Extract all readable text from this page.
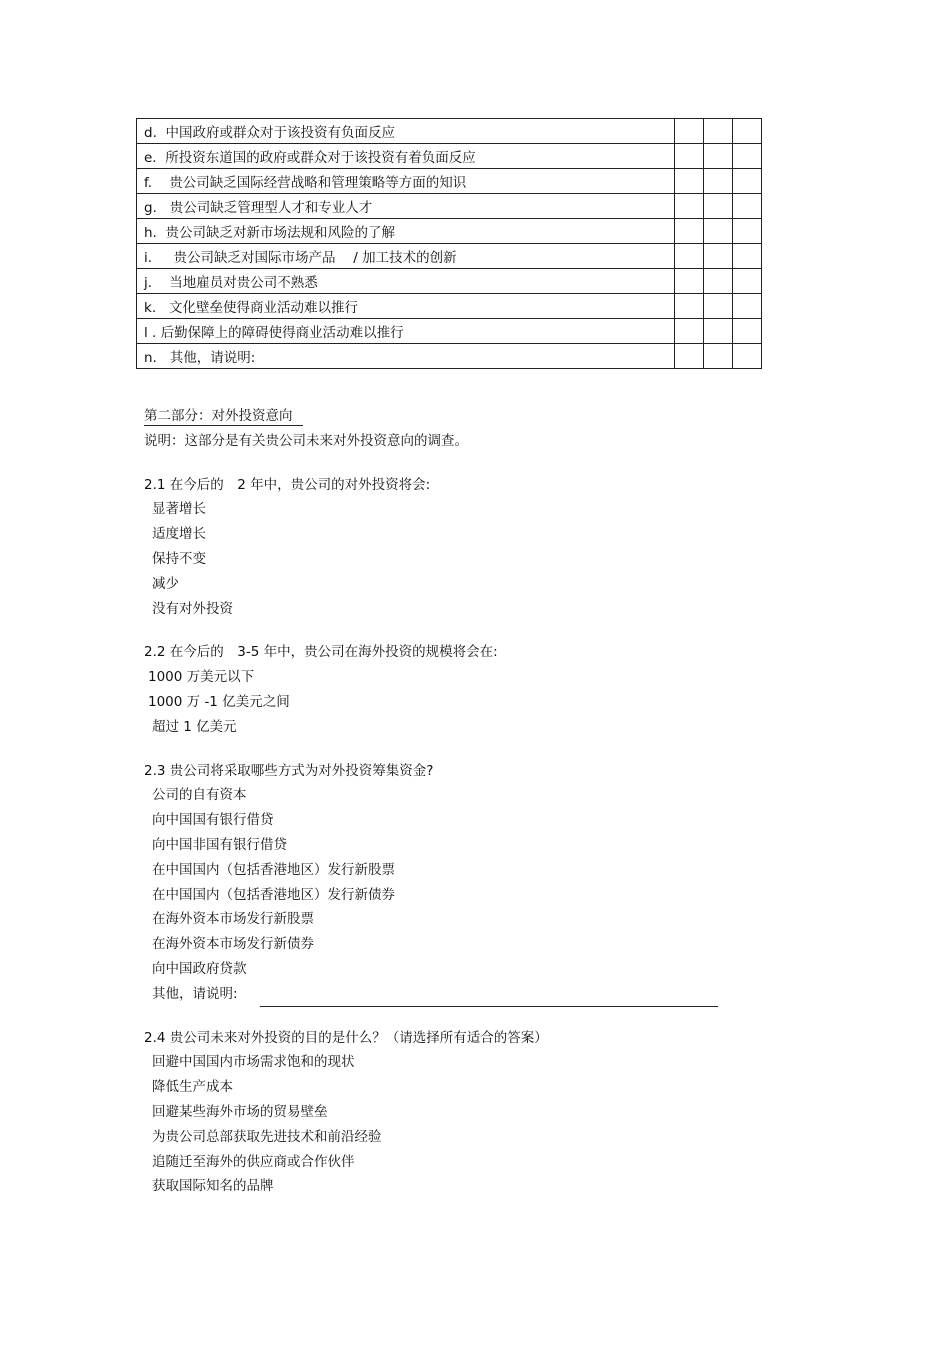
d. 中国政府或群众对于该投资有负面反应			
e. 所投资东道国的政府或群众对于该投资有着负面反应			
f. 贵公司缺乏国际经营战略和管理策略等方面的知识			
g. 贵公司缺乏管理型人才和专业人才			
h. 贵公司缺乏对新市场法规和风险的了解			
i. 贵公司缺乏对国际市场产品　 / 加工技术的创新			
j. 当地雇员对贵公司不熟悉			
k. 文化壁垒使得商业活动难以推行			
l . 后勤保障上的障碍使得商业活动难以推行			
n. 其他，请说明:			
第二部分：对外投资意向
说明：这部分是有关贵公司未来对外投资意向的调查。
2.1 在今后的　2 年中，贵公司的对外投资将会:
显著增长
适度增长
保持不变
减少
没有对外投资
2.2 在今后的　3-5 年中，贵公司在海外投资的规模将会在:
1000 万美元以下
1000 万 -1 亿美元之间
超过 1 亿美元
2.3 贵公司将采取哪些方式为对外投资筹集资金?
公司的自有资本
向中国国有银行借贷
向中国非国有银行借贷
在中国国内（包括香港地区）发行新股票
在中国国内（包括香港地区）发行新债券
在海外资本市场发行新股票
在海外资本市场发行新债券
向中国政府贷款
其他，请说明:
2.4 贵公司未来对外投资的目的是什么？（请选择所有适合的答案）
回避中国国内市场需求饱和的现状
降低生产成本
回避某些海外市场的贸易壁垒
为贵公司总部获取先进技术和前沿经验
追随迁至海外的供应商或合作伙伴
获取国际知名的品牌
